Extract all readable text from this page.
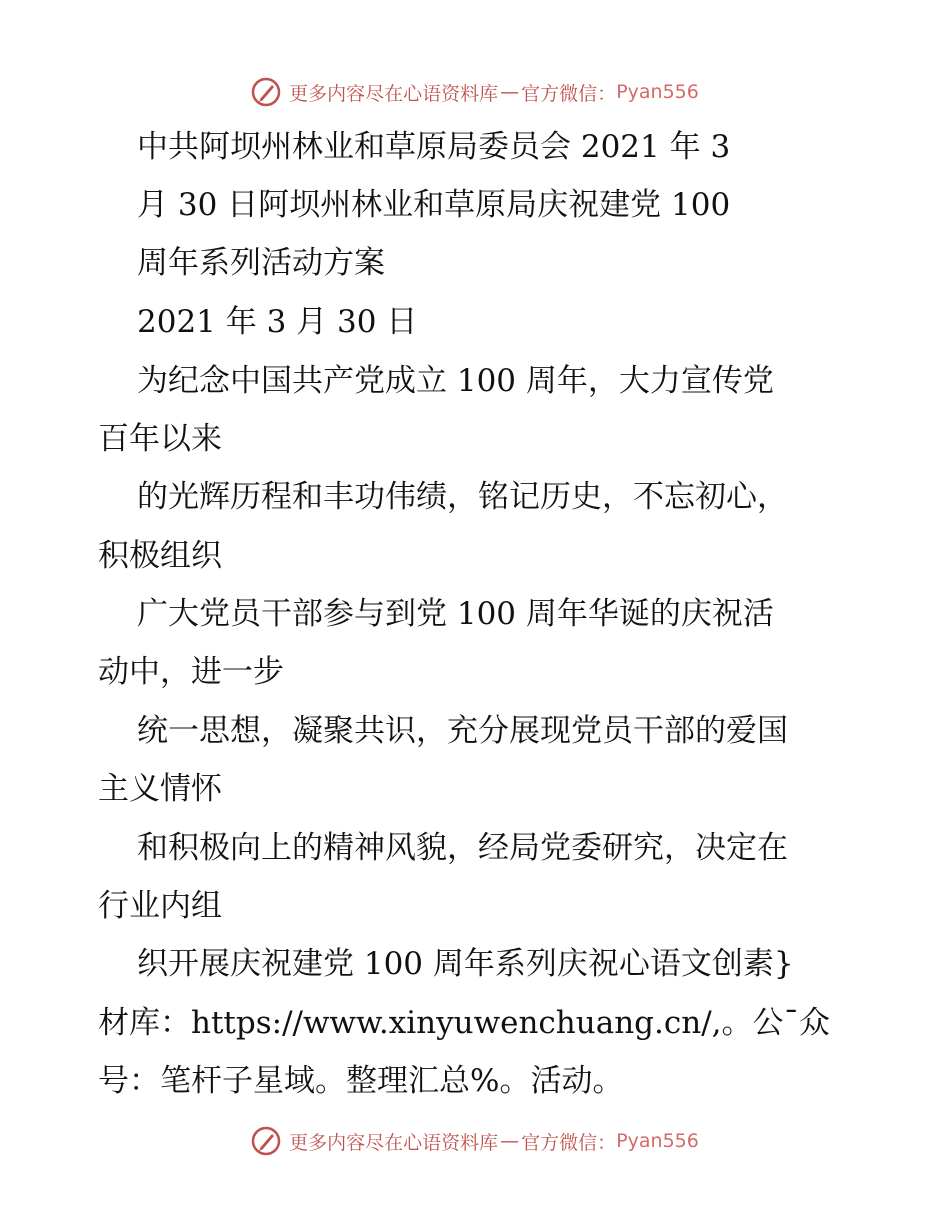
更多内容尽在心语资料库 — 官方微信： Pyan556
中共阿坝州林业和草原局委员会 2021 年 3
月 30 日阿坝州林业和草原局庆祝建党 100
周年系列活动方案
2021 年 3 月 30 日
为纪念中国共产党成立 100 周年，大力宣传党
百年以来
的光辉历程和丰功伟绩，铭记历史，不忘初心，
积极组织
广大党员干部参与到党 100 周年华诞的庆祝活
动中，进一步
统一思想，凝聚共识，充分展现党员干部的爱国
主义情怀
和积极向上的精神风貌，经局党委研究，决定在
行业内组
织开展庆祝建党 100 周年系列庆祝心语文创素}
材库：https://www.xinyuwenchuang.cn/,。公¯众
号：笔杆子星域。整理汇总%。活动。
更多内容尽在心语资料库 — 官方微信： Pyan556
